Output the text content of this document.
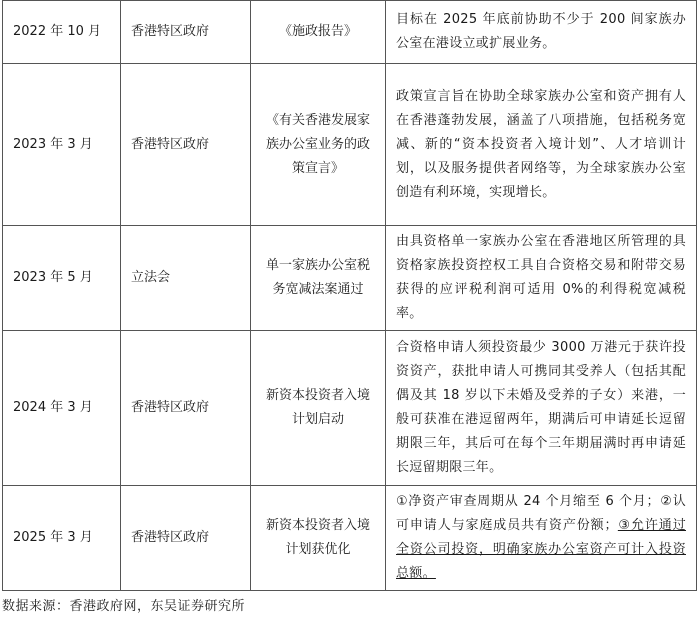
2022 年 10 月	香港特区政府	《施政报告》	目标在 2025 年底前协助不少于 200 间家族办公室在港设立或扩展业务。
2023 年 3 月	香港特区政府	《有关香港发展家族办公室业务的政策宣言》	政策宣言旨在协助全球家族办公室和资产拥有人在香港蓬勃发展，涵盖了八项措施，包括税务宽减、新的“资本投资者入境计划”、人才培训计划，以及服务提供者网络等，为全球家族办公室创造有利环境，实现增长。
2023 年 5 月	立法会	单一家族办公室税务宽减法案通过	由具资格单一家族办公室在香港地区所管理的具资格家族投资控权工具自合资格交易和附带交易获得的应评税利润可适用 0%的利得税宽减税率。
2024 年 3 月	香港特区政府	新资本投资者入境计划启动	合资格申请人须投资最少 3000 万港元于获许投资资产，获批申请人可携同其受养人（包括其配偶及其 18 岁以下未婚及受养的子女）来港，一般可获准在港逗留两年，期满后可申请延长逗留期限三年，其后可在每个三年期届满时再申请延长逗留期限三年。
2025 年 3 月	香港特区政府	新资本投资者入境计划获优化	①净资产审查周期从 24 个月缩至 6 个月；②认可申请人与家庭成员共有资产份额；③允许通过全资公司投资，明确家族办公室资产可计入投资总额。
数据来源：香港政府网，东吴证券研究所
